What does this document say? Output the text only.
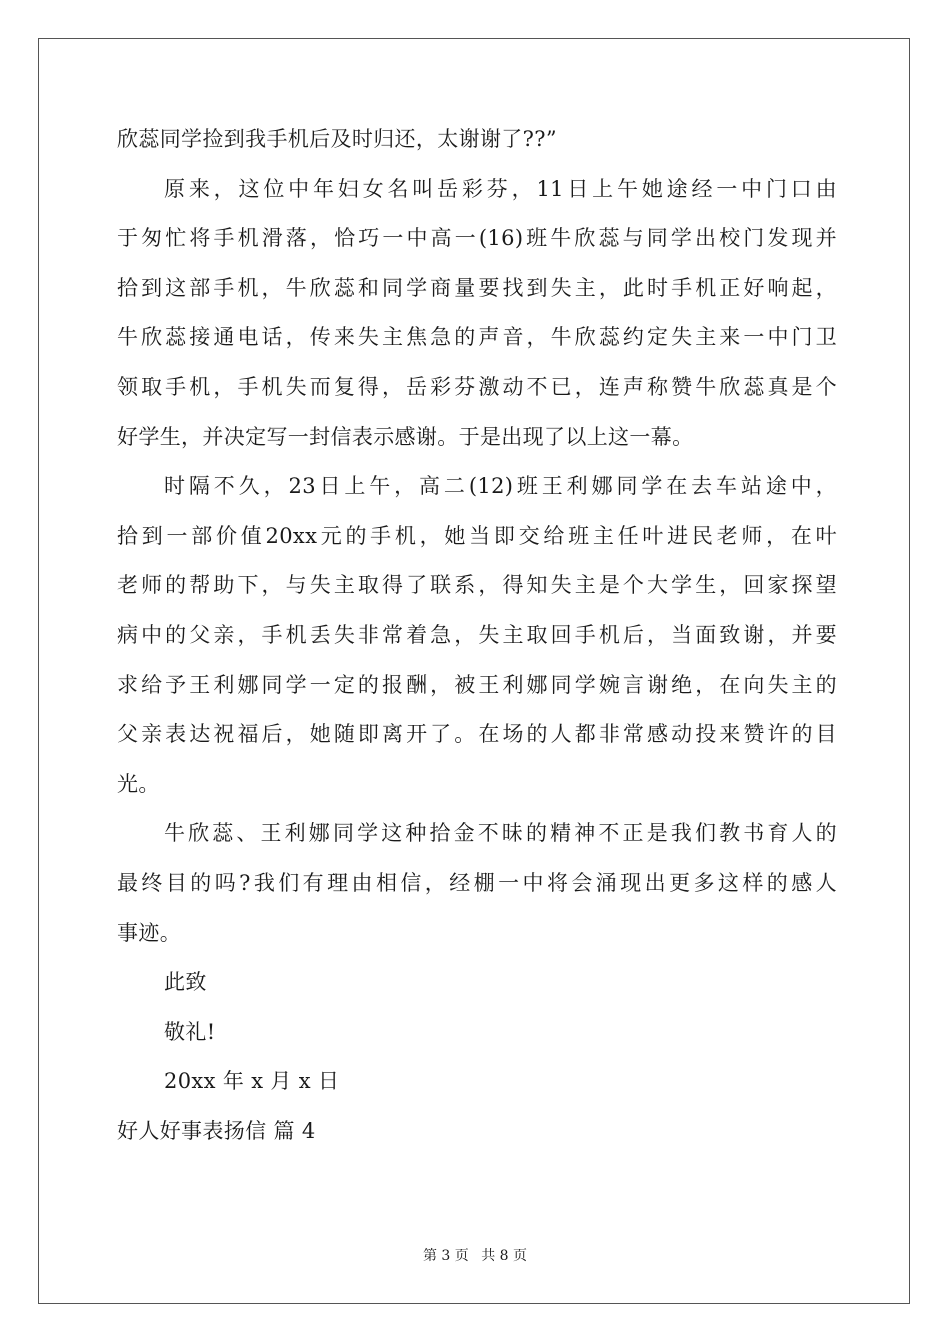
欣蕊同学捡到我手机后及时归还，太谢谢了??”
原来，这位中年妇女名叫岳彩芬，11日上午她途经一中门口由
于匆忙将手机滑落，恰巧一中高一(16)班牛欣蕊与同学出校门发现并
拾到这部手机，牛欣蕊和同学商量要找到失主，此时手机正好响起，
牛欣蕊接通电话，传来失主焦急的声音，牛欣蕊约定失主来一中门卫
领取手机，手机失而复得，岳彩芬激动不已，连声称赞牛欣蕊真是个
好学生，并决定写一封信表示感谢。于是出现了以上这一幕。
时隔不久，23日上午，高二(12)班王利娜同学在去车站途中，
拾到一部价值20xx元的手机，她当即交给班主任叶进民老师，在叶
老师的帮助下，与失主取得了联系，得知失主是个大学生，回家探望
病中的父亲，手机丢失非常着急，失主取回手机后，当面致谢，并要
求给予王利娜同学一定的报酬，被王利娜同学婉言谢绝，在向失主的
父亲表达祝福后，她随即离开了。在场的人都非常感动投来赞许的目
光。
牛欣蕊、王利娜同学这种拾金不昧的精神不正是我们教书育人的
最终目的吗?我们有理由相信，经棚一中将会涌现出更多这样的感人
事迹。
此致
敬礼!
20xx 年 x 月 x 日
好人好事表扬信 篇 4
第 3 页 共 8 页
